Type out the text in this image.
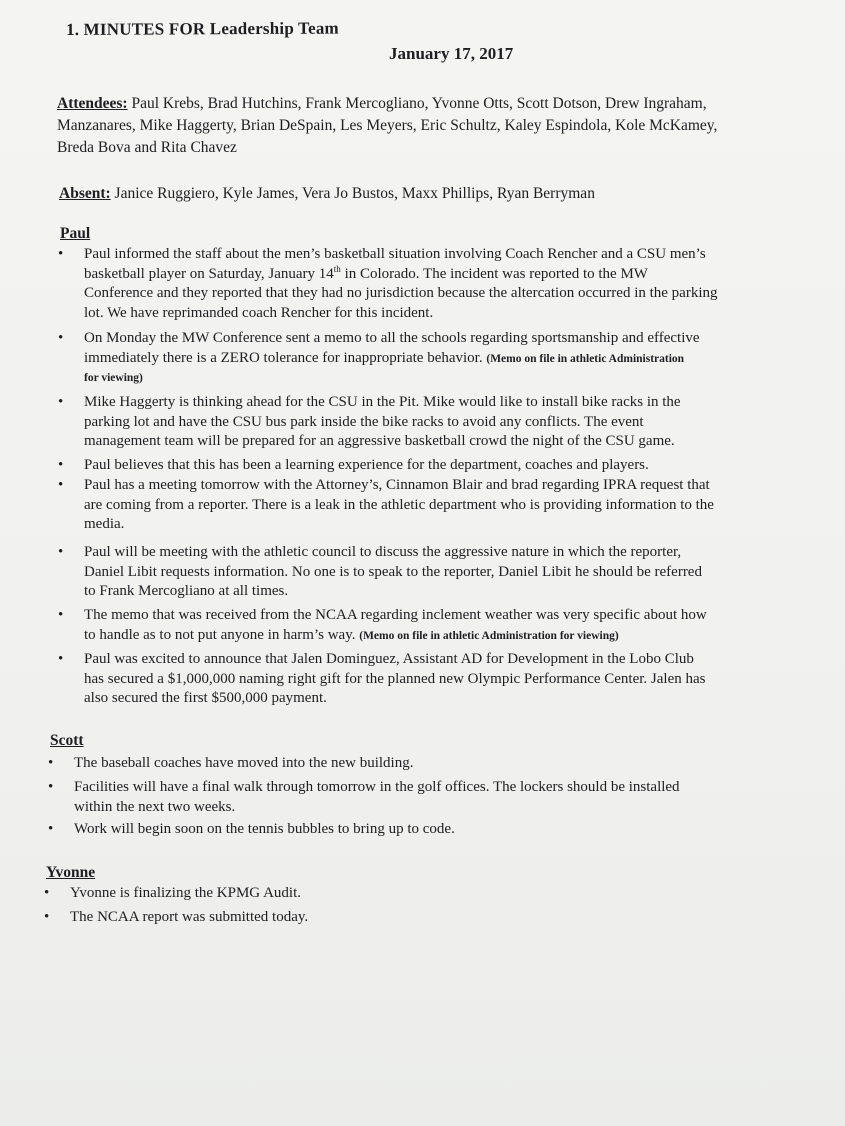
1. MINUTES FOR Leadership Team
January 17, 2017
Attendees: Paul Krebs, Brad Hutchins, Frank Mercogliano, Yvonne Otts, Scott Dotson, Drew Ingraham,
Manzanares, Mike Haggerty, Brian DeSpain, Les Meyers, Eric Schultz, Kaley Espindola, Kole McKamey,
Breda Bova and Rita Chavez
Absent: Janice Ruggiero, Kyle James, Vera Jo Bustos, Maxx Phillips, Ryan Berryman
Paul
• Paul informed the staff about the men’s basketball situation involving Coach Rencher and a CSU men’s
basketball player on Saturday, January 14th in Colorado. The incident was reported to the MW
Conference and they reported that they had no jurisdiction because the altercation occurred in the parking
lot. We have reprimanded coach Rencher for this incident.
• On Monday the MW Conference sent a memo to all the schools regarding sportsmanship and effective
immediately there is a ZERO tolerance for inappropriate behavior. (Memo on file in athletic Administration
for viewing)
• Mike Haggerty is thinking ahead for the CSU in the Pit. Mike would like to install bike racks in the
parking lot and have the CSU bus park inside the bike racks to avoid any conflicts. The event
management team will be prepared for an aggressive basketball crowd the night of the CSU game.
• Paul believes that this has been a learning experience for the department, coaches and players.
• Paul has a meeting tomorrow with the Attorney’s, Cinnamon Blair and brad regarding IPRA request that
are coming from a reporter. There is a leak in the athletic department who is providing information to the
media.
• Paul will be meeting with the athletic council to discuss the aggressive nature in which the reporter,
Daniel Libit requests information. No one is to speak to the reporter, Daniel Libit he should be referred
to Frank Mercogliano at all times.
• The memo that was received from the NCAA regarding inclement weather was very specific about how
to handle as to not put anyone in harm’s way. (Memo on file in athletic Administration for viewing)
• Paul was excited to announce that Jalen Dominguez, Assistant AD for Development in the Lobo Club
has secured a $1,000,000 naming right gift for the planned new Olympic Performance Center. Jalen has
also secured the first $500,000 payment.
Scott
• The baseball coaches have moved into the new building.
• Facilities will have a final walk through tomorrow in the golf offices. The lockers should be installed
within the next two weeks.
• Work will begin soon on the tennis bubbles to bring up to code.
Yvonne
• Yvonne is finalizing the KPMG Audit.
• The NCAA report was submitted today.
